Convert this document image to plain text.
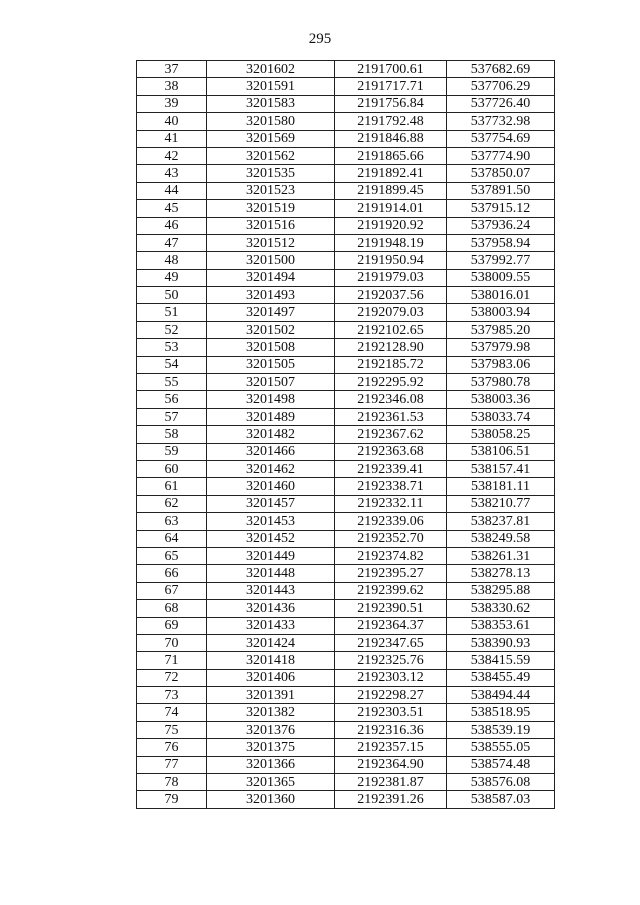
295
37	3201602	2191700.61	537682.69
38	3201591	2191717.71	537706.29
39	3201583	2191756.84	537726.40
40	3201580	2191792.48	537732.98
41	3201569	2191846.88	537754.69
42	3201562	2191865.66	537774.90
43	3201535	2191892.41	537850.07
44	3201523	2191899.45	537891.50
45	3201519	2191914.01	537915.12
46	3201516	2191920.92	537936.24
47	3201512	2191948.19	537958.94
48	3201500	2191950.94	537992.77
49	3201494	2191979.03	538009.55
50	3201493	2192037.56	538016.01
51	3201497	2192079.03	538003.94
52	3201502	2192102.65	537985.20
53	3201508	2192128.90	537979.98
54	3201505	2192185.72	537983.06
55	3201507	2192295.92	537980.78
56	3201498	2192346.08	538003.36
57	3201489	2192361.53	538033.74
58	3201482	2192367.62	538058.25
59	3201466	2192363.68	538106.51
60	3201462	2192339.41	538157.41
61	3201460	2192338.71	538181.11
62	3201457	2192332.11	538210.77
63	3201453	2192339.06	538237.81
64	3201452	2192352.70	538249.58
65	3201449	2192374.82	538261.31
66	3201448	2192395.27	538278.13
67	3201443	2192399.62	538295.88
68	3201436	2192390.51	538330.62
69	3201433	2192364.37	538353.61
70	3201424	2192347.65	538390.93
71	3201418	2192325.76	538415.59
72	3201406	2192303.12	538455.49
73	3201391	2192298.27	538494.44
74	3201382	2192303.51	538518.95
75	3201376	2192316.36	538539.19
76	3201375	2192357.15	538555.05
77	3201366	2192364.90	538574.48
78	3201365	2192381.87	538576.08
79	3201360	2192391.26	538587.03
